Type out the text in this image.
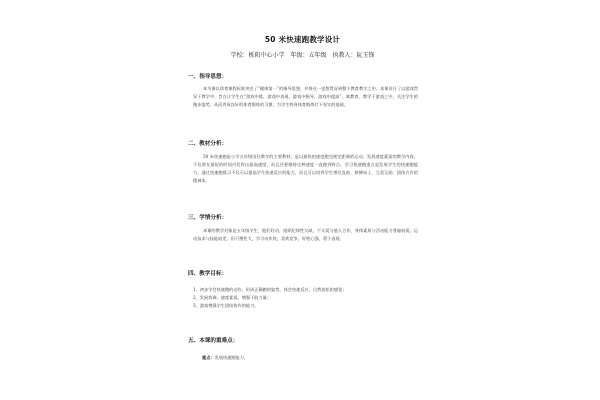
50 米快速跑教学设计
学校：栎阳中心小学　年级：五年级　执教人：阮玉锋
一、指导思想：
本节课以体育课程标准突出了“健康第一”的指导思想，并将这一思想贯穿到整个教育教学之中。本课设计了以游戏贯穿于教学中，旨在让学生在“游戏中练，游戏中表现，游戏中指导，游戏中提高”，寓教育、教学于游戏之中，关注学生的跑步姿势，从而养成良好的体育锻炼的习惯，为学生终身体育锻炼打下坚实的基础。
二、教材分析：
50 米快速跑是小学五年级田径教学的主要教材，是以最快的速度跑完规定距离的运动。发展速度素质的教学内容，不仅要在最短的时间内发挥出最高速度，而且还要维持这种速度一直跑到终点。学习快速跑重点是发展学生的快速跑能力，通过快速跑练习不仅可以提高学生快速反应的能力，而且可以培养学生勇往直前、拼搏向上、互爱互助、团结合作的精神本。
三、学情分析：
本课的教学对象是五年级学生，他们好动，组织纪律性欠缺，不太爱与他人合作，身体素质与活动能力普遍较弱，运动技术与技能较差，但可塑性大，学习动作快，喜欢竞争，好胜心强，勇于表现。
四、教学目标：
1、初步学会快速跑的动作，形成正确跑的姿势，体会快速反应、自然放松的感觉；
2、发展协调、速度素质，增强下肢力量；
3、游戏增强学生团结协作的能力。
五、本课的重难点：
重点：发展快速跑能力。
